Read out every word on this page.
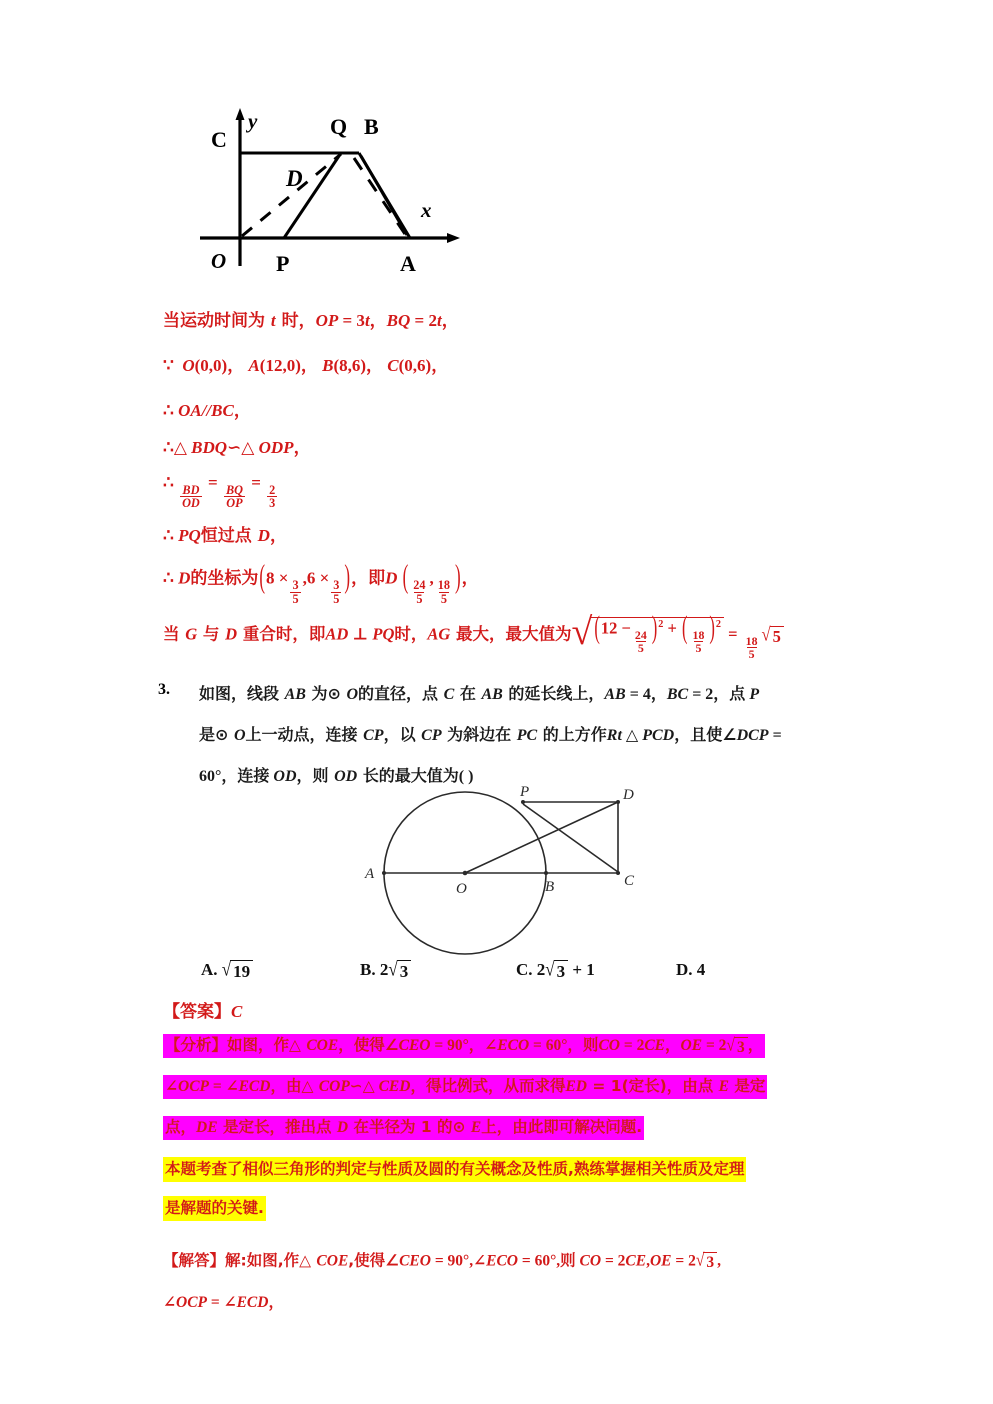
x
y
C
Q B
D
O P	A
当运动时间为 t 时，OP = 3t，BQ = 2t，
∵ O(0,0)， A(12,0)， B(8,6)， C(0,6)，
∴ OA//BC，
∴△ BDQ∽△ ODP，
∴
$\frac{BD}{OD}$
=
$\frac{BQ}{OP}$
=
$\frac{2}{3}$
∴ PQ恒过点 D，
∴ D的坐标为(8 ×
$\frac{3}{5}$
,6 ×
$\frac{3}{5}$ )，即D ( $\frac{24}{5}$
,
$\frac{18}{5}$ )，
当 G 与 D 重合时，即AD ⊥ PQ时，AG 最大，最大值为 √ (12 −
$\frac{24}{5} )^2$ + ( $\frac{18}{5} )^2$
=
$\frac{18}{5}$
√ 5
3. 如图，线段 AB 为⊙ O的直径，点 C 在 AB 的延长线上，AB = 4，BC = 2，点 P
是⊙ O上一动点，连接 CP，以 CP 为斜边在 PC 的上方作Rt △ PCD，且使∠DCP =
60°，连接 OD，则 OD 长的最大值为( )
A
O	B	C
P	D
A. √ 19	B. 2 √ 3	C. 2 √ 3 + 1	D. 4
【答案】C
【分析】如图，作△ COE，使得∠CEO = 90°，∠ECO = 60°，则CO = 2CE，OE = 2 √ 3 ，
∠OCP = ∠ECD，由△ COP∽△ CED，得比例式，从而求得ED = 1(定长)，由点 E 是定
点，DE 是定长，推出点 D 在半径为 1 的⊙ E上，由此即可解决问题.
本题考查了相似三角形的判定与性质及圆的有关概念及性质,熟练掌握相关性质及定理
是解题的关键.
【解答】解:如图,作△ COE,使得∠CEO = 90°,∠ECO = 60°,则 CO = 2CE,OE = 2 √ 3 ,
∠OCP = ∠ECD，
